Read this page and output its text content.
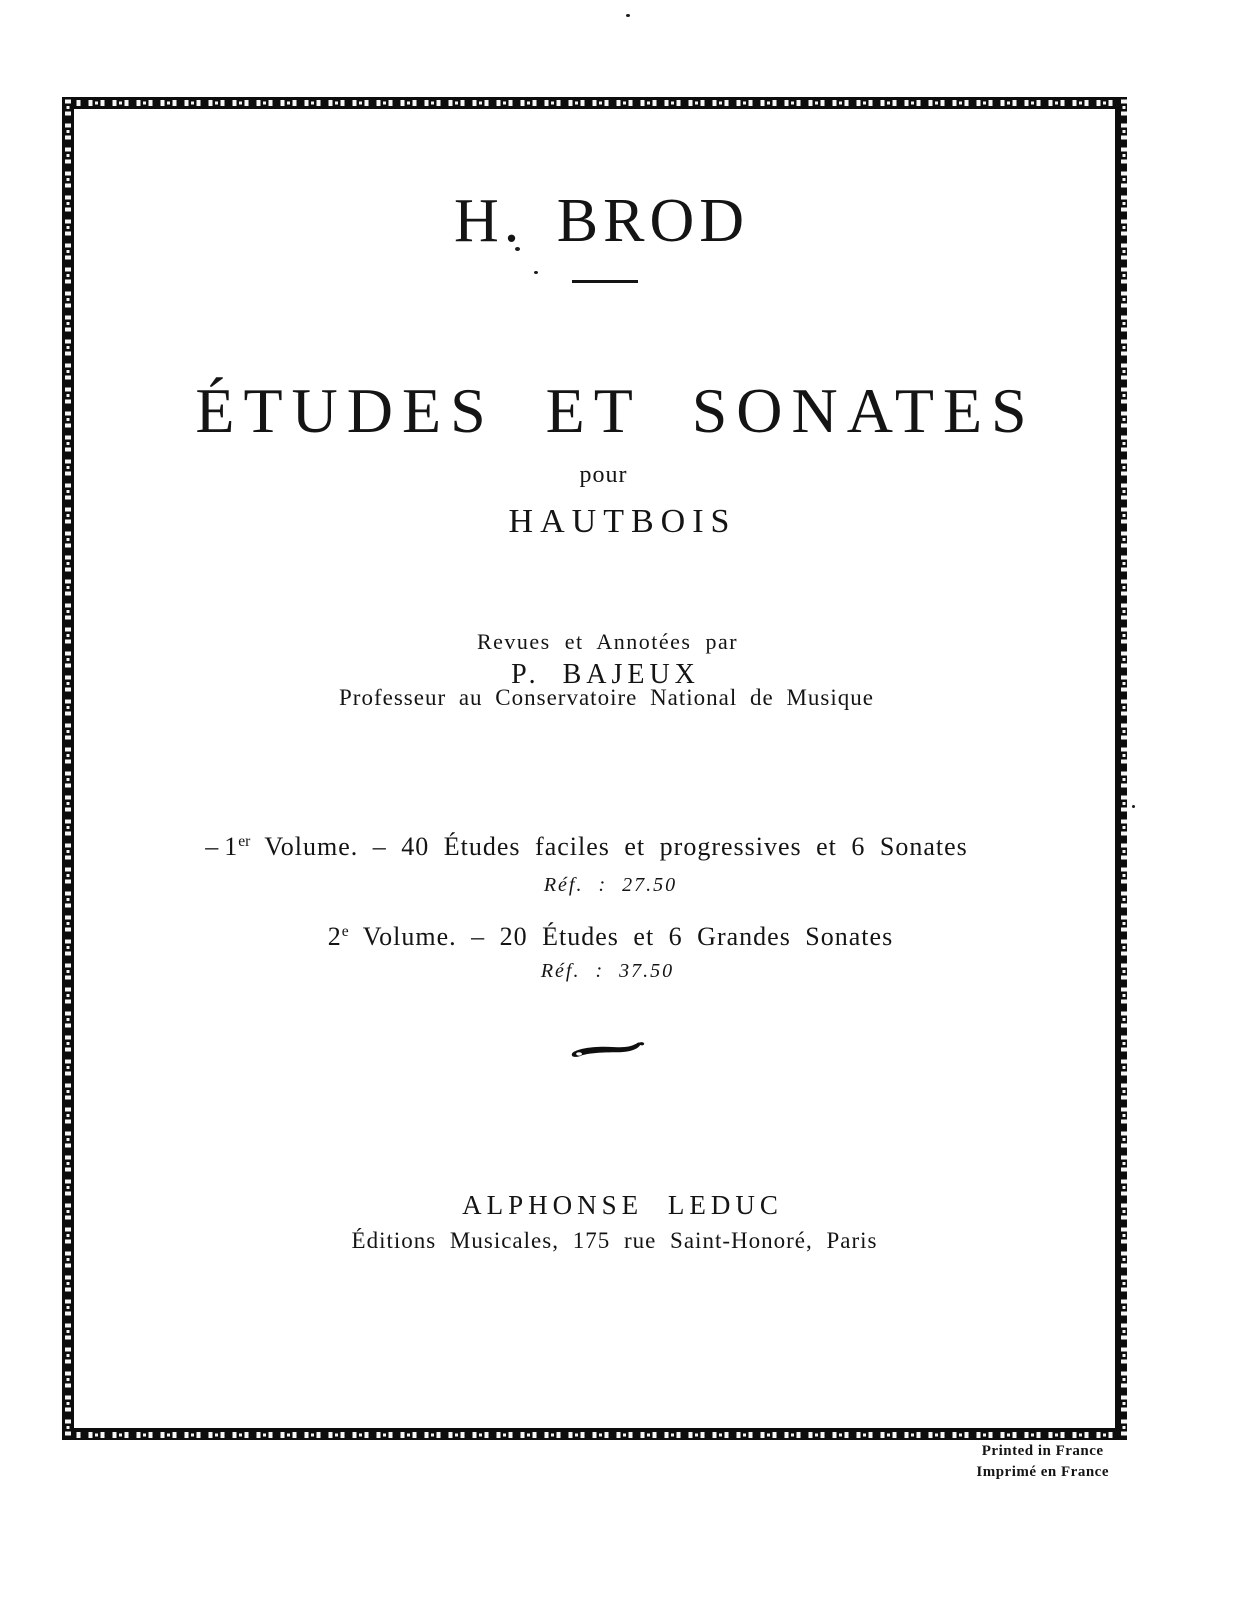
H. BROD
ÉTUDES ET SONATES
pour
HAUTBOIS
Revues et Annotées par
P. BAJEUX
Professeur au Conservatoire National de Musique
– 1er Volume. – 40 Études faciles et progressives et 6 Sonates
Réf. : 27.50
2e Volume. – 20 Études et 6 Grandes Sonates
Réf. : 37.50
ALPHONSE LEDUC
Éditions Musicales, 175 rue Saint-Honoré, Paris
Printed in France
Imprimé en France
